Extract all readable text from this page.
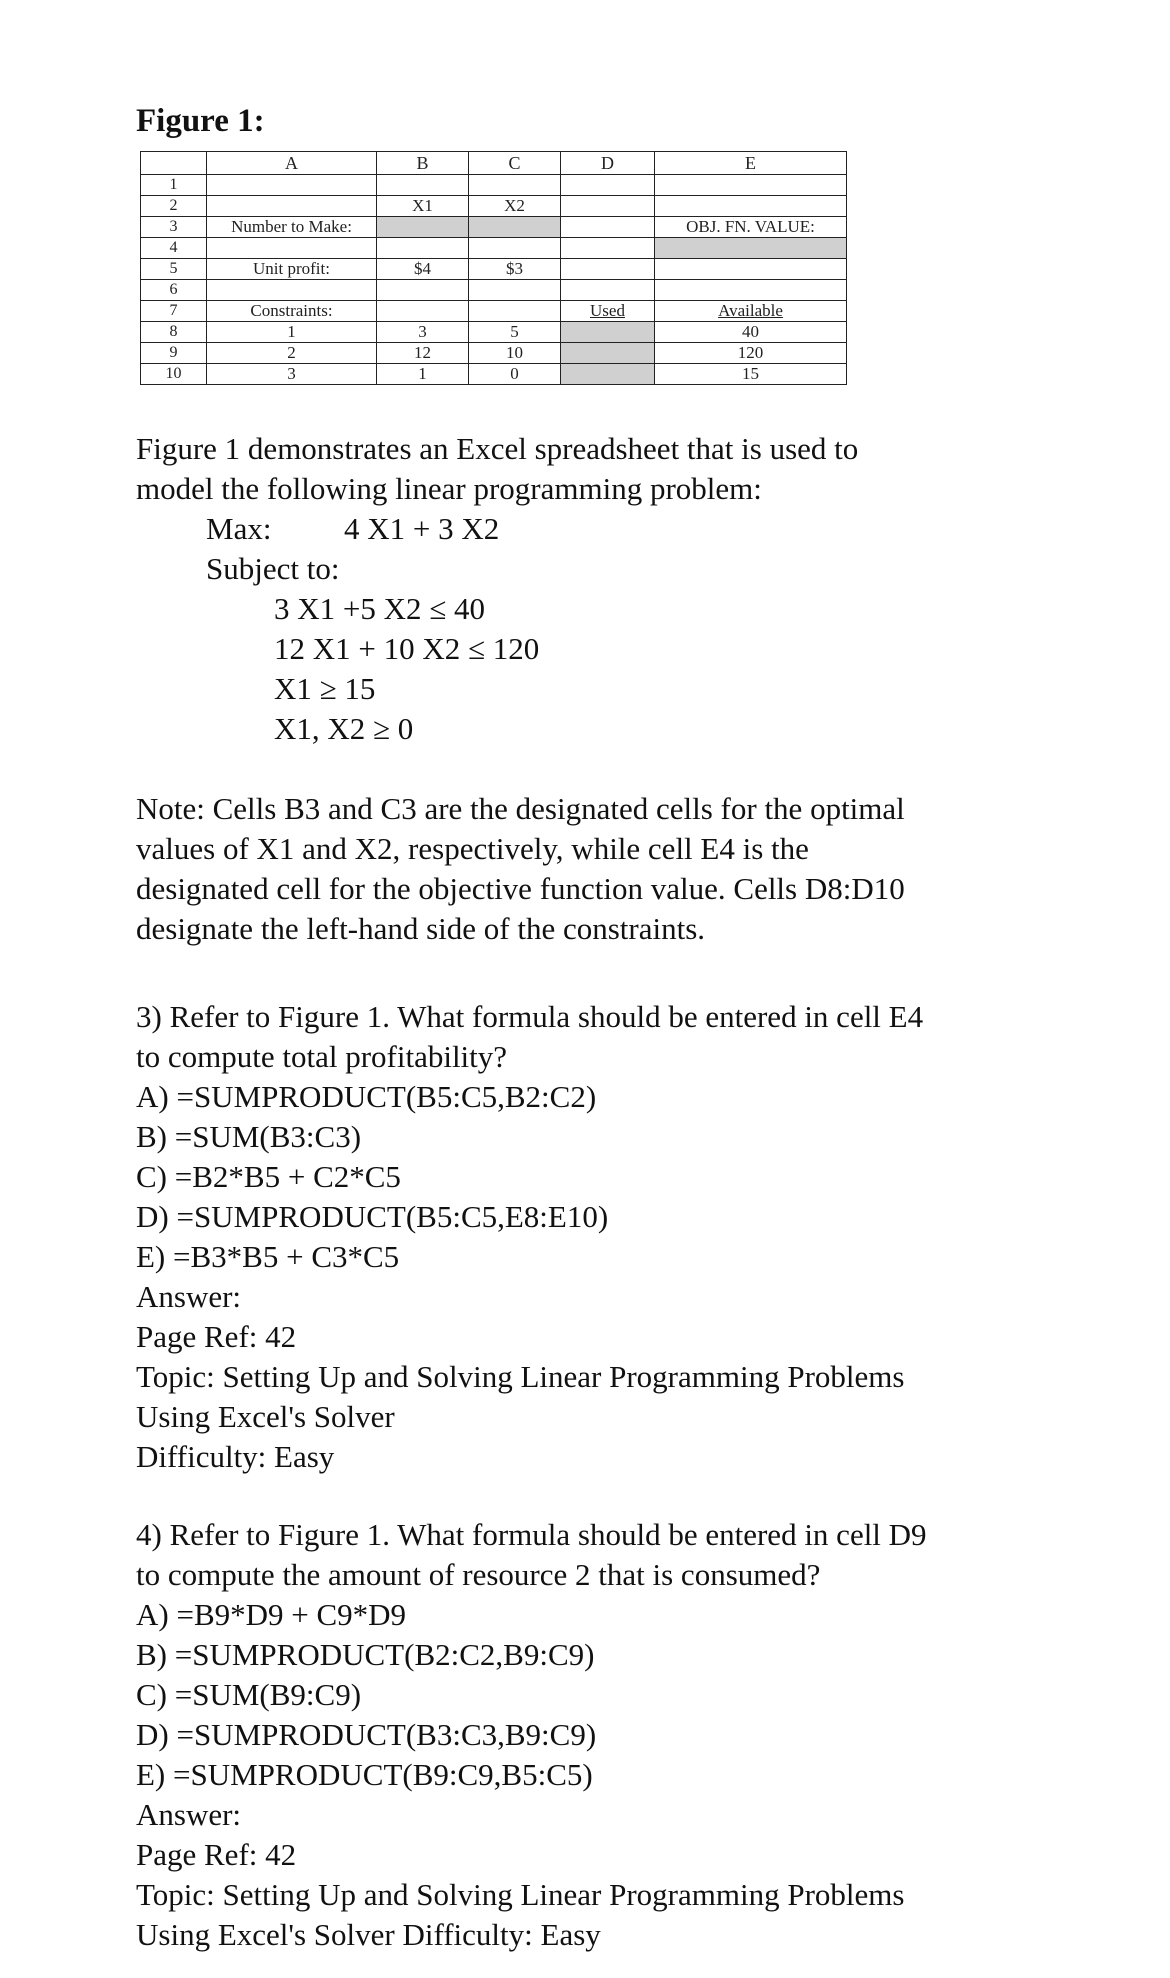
Figure 1:
	A	B	C	D	E
1					
2		X1	X2		
3	Number to Make:				OBJ. FN. VALUE:
4					
5	Unit profit:	$4	$3		
6					
7	Constraints:			Used	Available
8	1	3	5		40
9	2	12	10		120
10	3	1	0		15
Figure 1 demonstrates an Excel spreadsheet that is used to
model the following linear programming problem:
Max: 4 X1 + 3 X2
Subject to:
3 X1 +5 X2 ≤ 40
12 X1 + 10 X2 ≤ 120
X1 ≥ 15
X1, X2 ≥ 0
Note: Cells B3 and C3 are the designated cells for the optimal
values of X1 and X2, respectively, while cell E4 is the
designated cell for the objective function value. Cells D8:D10
designate the left-hand side of the constraints.
3) Refer to Figure 1. What formula should be entered in cell E4
to compute total profitability?
A) =SUMPRODUCT(B5:C5,B2:C2)
B) =SUM(B3:C3)
C) =B2*B5 + C2*C5
D) =SUMPRODUCT(B5:C5,E8:E10)
E) =B3*B5 + C3*C5
Answer:
Page Ref: 42
Topic: Setting Up and Solving Linear Programming Problems
Using Excel's Solver
Difficulty: Easy
4) Refer to Figure 1. What formula should be entered in cell D9
to compute the amount of resource 2 that is consumed?
A) =B9*D9 + C9*D9
B) =SUMPRODUCT(B2:C2,B9:C9)
C) =SUM(B9:C9)
D) =SUMPRODUCT(B3:C3,B9:C9)
E) =SUMPRODUCT(B9:C9,B5:C5)
Answer:
Page Ref: 42
Topic: Setting Up and Solving Linear Programming Problems
Using Excel's Solver Difficulty: Easy
